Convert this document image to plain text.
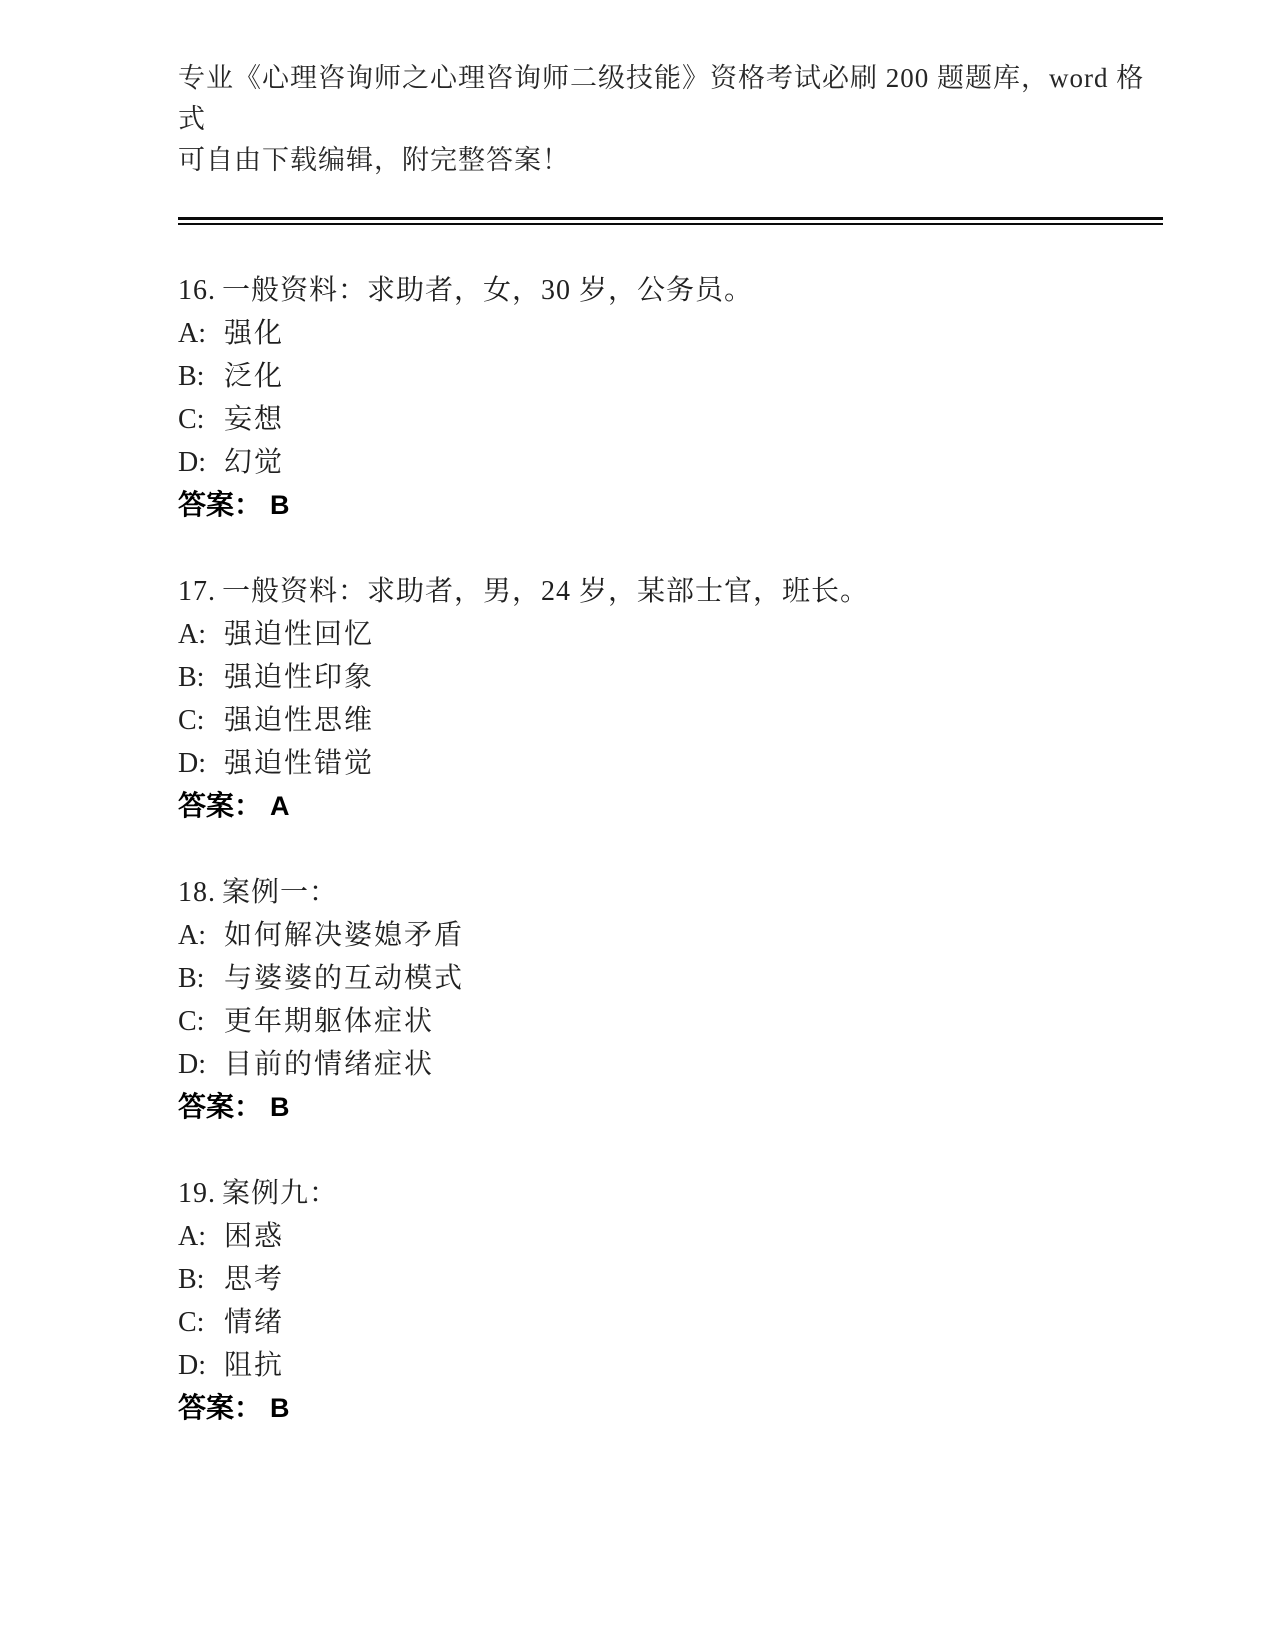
专业《心理咨询师之心理咨询师二级技能》资格考试必刷 200 题题库，word 格式
可自由下载编辑，附完整答案！
16. 一般资料：求助者，女，30 岁，公务员。
A: 强化
B: 泛化
C: 妄想
D: 幻觉
答案： B
17. 一般资料：求助者，男，24 岁，某部士官，班长。
A: 强迫性回忆
B: 强迫性印象
C: 强迫性思维
D: 强迫性错觉
答案： A
18. 案例一：
A: 如何解决婆媳矛盾
B: 与婆婆的互动模式
C: 更年期躯体症状
D: 目前的情绪症状
答案： B
19. 案例九：
A: 困惑
B: 思考
C: 情绪
D: 阻抗
答案： B
